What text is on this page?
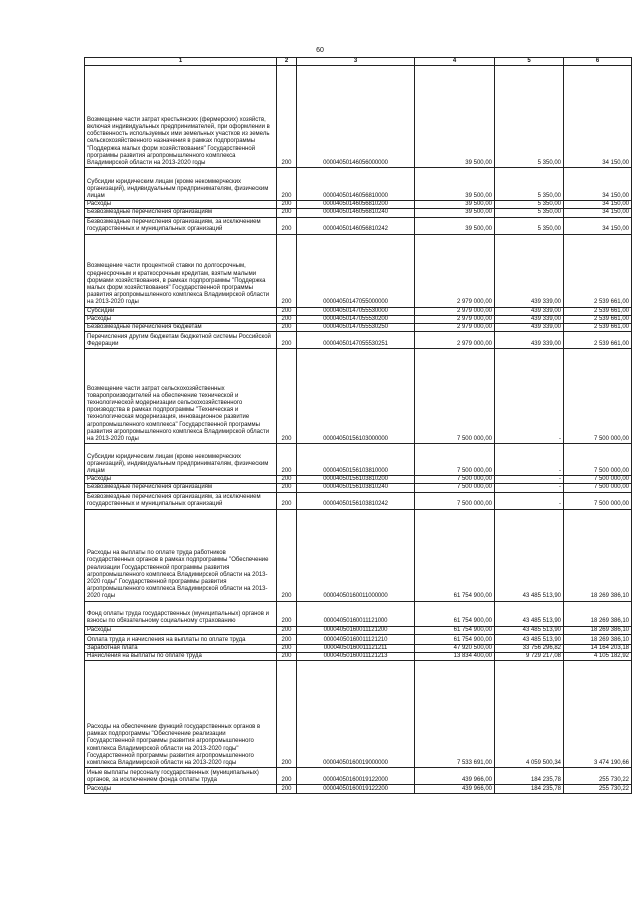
60
1	2	3	4	5	6
Возмещение части затрат крестьянских (фермерских) хозяйств, включая индивидуальных предпринимателей, при оформлении в собственность используемых ими земельных участков из земель сельскохозяйственного назначения в рамках подпрограммы "Поддержка малых форм хозяйствования" Государственной программы развития агропромышленного комплекса Владимирской области на 2013-2020 годы	200	00004050146056000000	39 500,00	5 350,00	34 150,00
Субсидии юридическим лицам (кроме некоммерческих организаций), индивидуальным предпринимателям, физическим лицам	200	00004050146056810000	39 500,00	5 350,00	34 150,00
Расходы	200	00004050146056810200	39 500,00	5 350,00	34 150,00
Безвозмездные перечисления организациям	200	00004050146056810240	39 500,00	5 350,00	34 150,00
Безвозмездные перечисления организациям, за исключением государственных и муниципальных организаций	200	00004050146056810242	39 500,00	5 350,00	34 150,00
Возмещение части процентной ставки по долгосрочным, среднесрочным и краткосрочным кредитам, взятым малыми формами хозяйствования, в рамках подпрограммы "Поддержка малых форм хозяйствования" Государственной программы развития агропромышленного комплекса Владимирской области на 2013-2020 годы	200	00004050147055000000	2 979 000,00	439 339,00	2 539 661,00
Субсидии	200	00004050147055530000	2 979 000,00	439 339,00	2 539 661,00
Расходы	200	00004050147055530200	2 979 000,00	439 339,00	2 539 661,00
Безвозмездные перечисления бюджетам	200	00004050147055530250	2 979 000,00	439 339,00	2 539 661,00
Перечисления другим бюджетам бюджетной системы Российской Федерации	200	00004050147055530251	2 979 000,00	439 339,00	2 539 661,00
Возмещение части затрат сельскохозяйственных товаропроизводителей на обеспечение технической и технологической модернизации сельскохозяйственного производства в рамках подпрограммы "Техническая и технологическая модернизация, инновационное развитие агропромышленного комплекса" Государственной программы развития агропромышленного комплекса Владимирской области на 2013-2020 годы	200	00004050156103000000	7 500 000,00	-	7 500 000,00
Субсидии юридическим лицам (кроме некоммерческих организаций), индивидуальным предпринимателям, физическим лицам	200	00004050156103810000	7 500 000,00	-	7 500 000,00
Расходы	200	00004050156103810200	7 500 000,00	-	7 500 000,00
Безвозмездные перечисления организациям	200	00004050156103810240	7 500 000,00	-	7 500 000,00
Безвозмездные перечисления организациям, за исключением государственных и муниципальных организаций	200	00004050156103810242	7 500 000,00	-	7 500 000,00
Расходы на выплаты по оплате труда работников государственных органов в рамках подпрограммы "Обеспечение реализации Государственной программы развития агропромышленного комплекса Владимирской области на 2013-2020 годы" Государственной программы развития агропромышленного комплекса Владимирской области на 2013-2020 годы	200	00004050160011000000	61 754 900,00	43 485 513,90	18 269 386,10
Фонд оплаты труда государственных (муниципальных) органов и взносы по обязательному социальному страхованию	200	00004050160011121000	61 754 900,00	43 485 513,90	18 269 386,10
Расходы	200	00004050160011121200	61 754 900,00	43 485 513,90	18 269 386,10
Оплата труда и начисления на выплаты по оплате труда	200	00004050160011121210	61 754 900,00	43 485 513,90	18 269 386,10
Заработная плата	200	00004050160011121211	47 920 500,00	33 756 296,82	14 164 203,18
Начисления на выплаты по оплате труда	200	00004050160011121213	13 834 400,00	9 729 217,08	4 105 182,92
Расходы на обеспечение функций государственных органов в рамках подпрограммы "Обеспечение реализации Государственной программы развития агропромышленного комплекса Владимирской области на 2013-2020 годы" Государственной программы развития агропромышленного комплекса Владимирской области на 2013-2020 годы	200	00004050160019000000	7 533 691,00	4 059 500,34	3 474 190,66
Иные выплаты персоналу государственных (муниципальных) органов, за исключением фонда оплаты труда	200	00004050160019122000	439 966,00	184 235,78	255 730,22
Расходы	200	00004050160019122200	439 966,00	184 235,78	255 730,22
